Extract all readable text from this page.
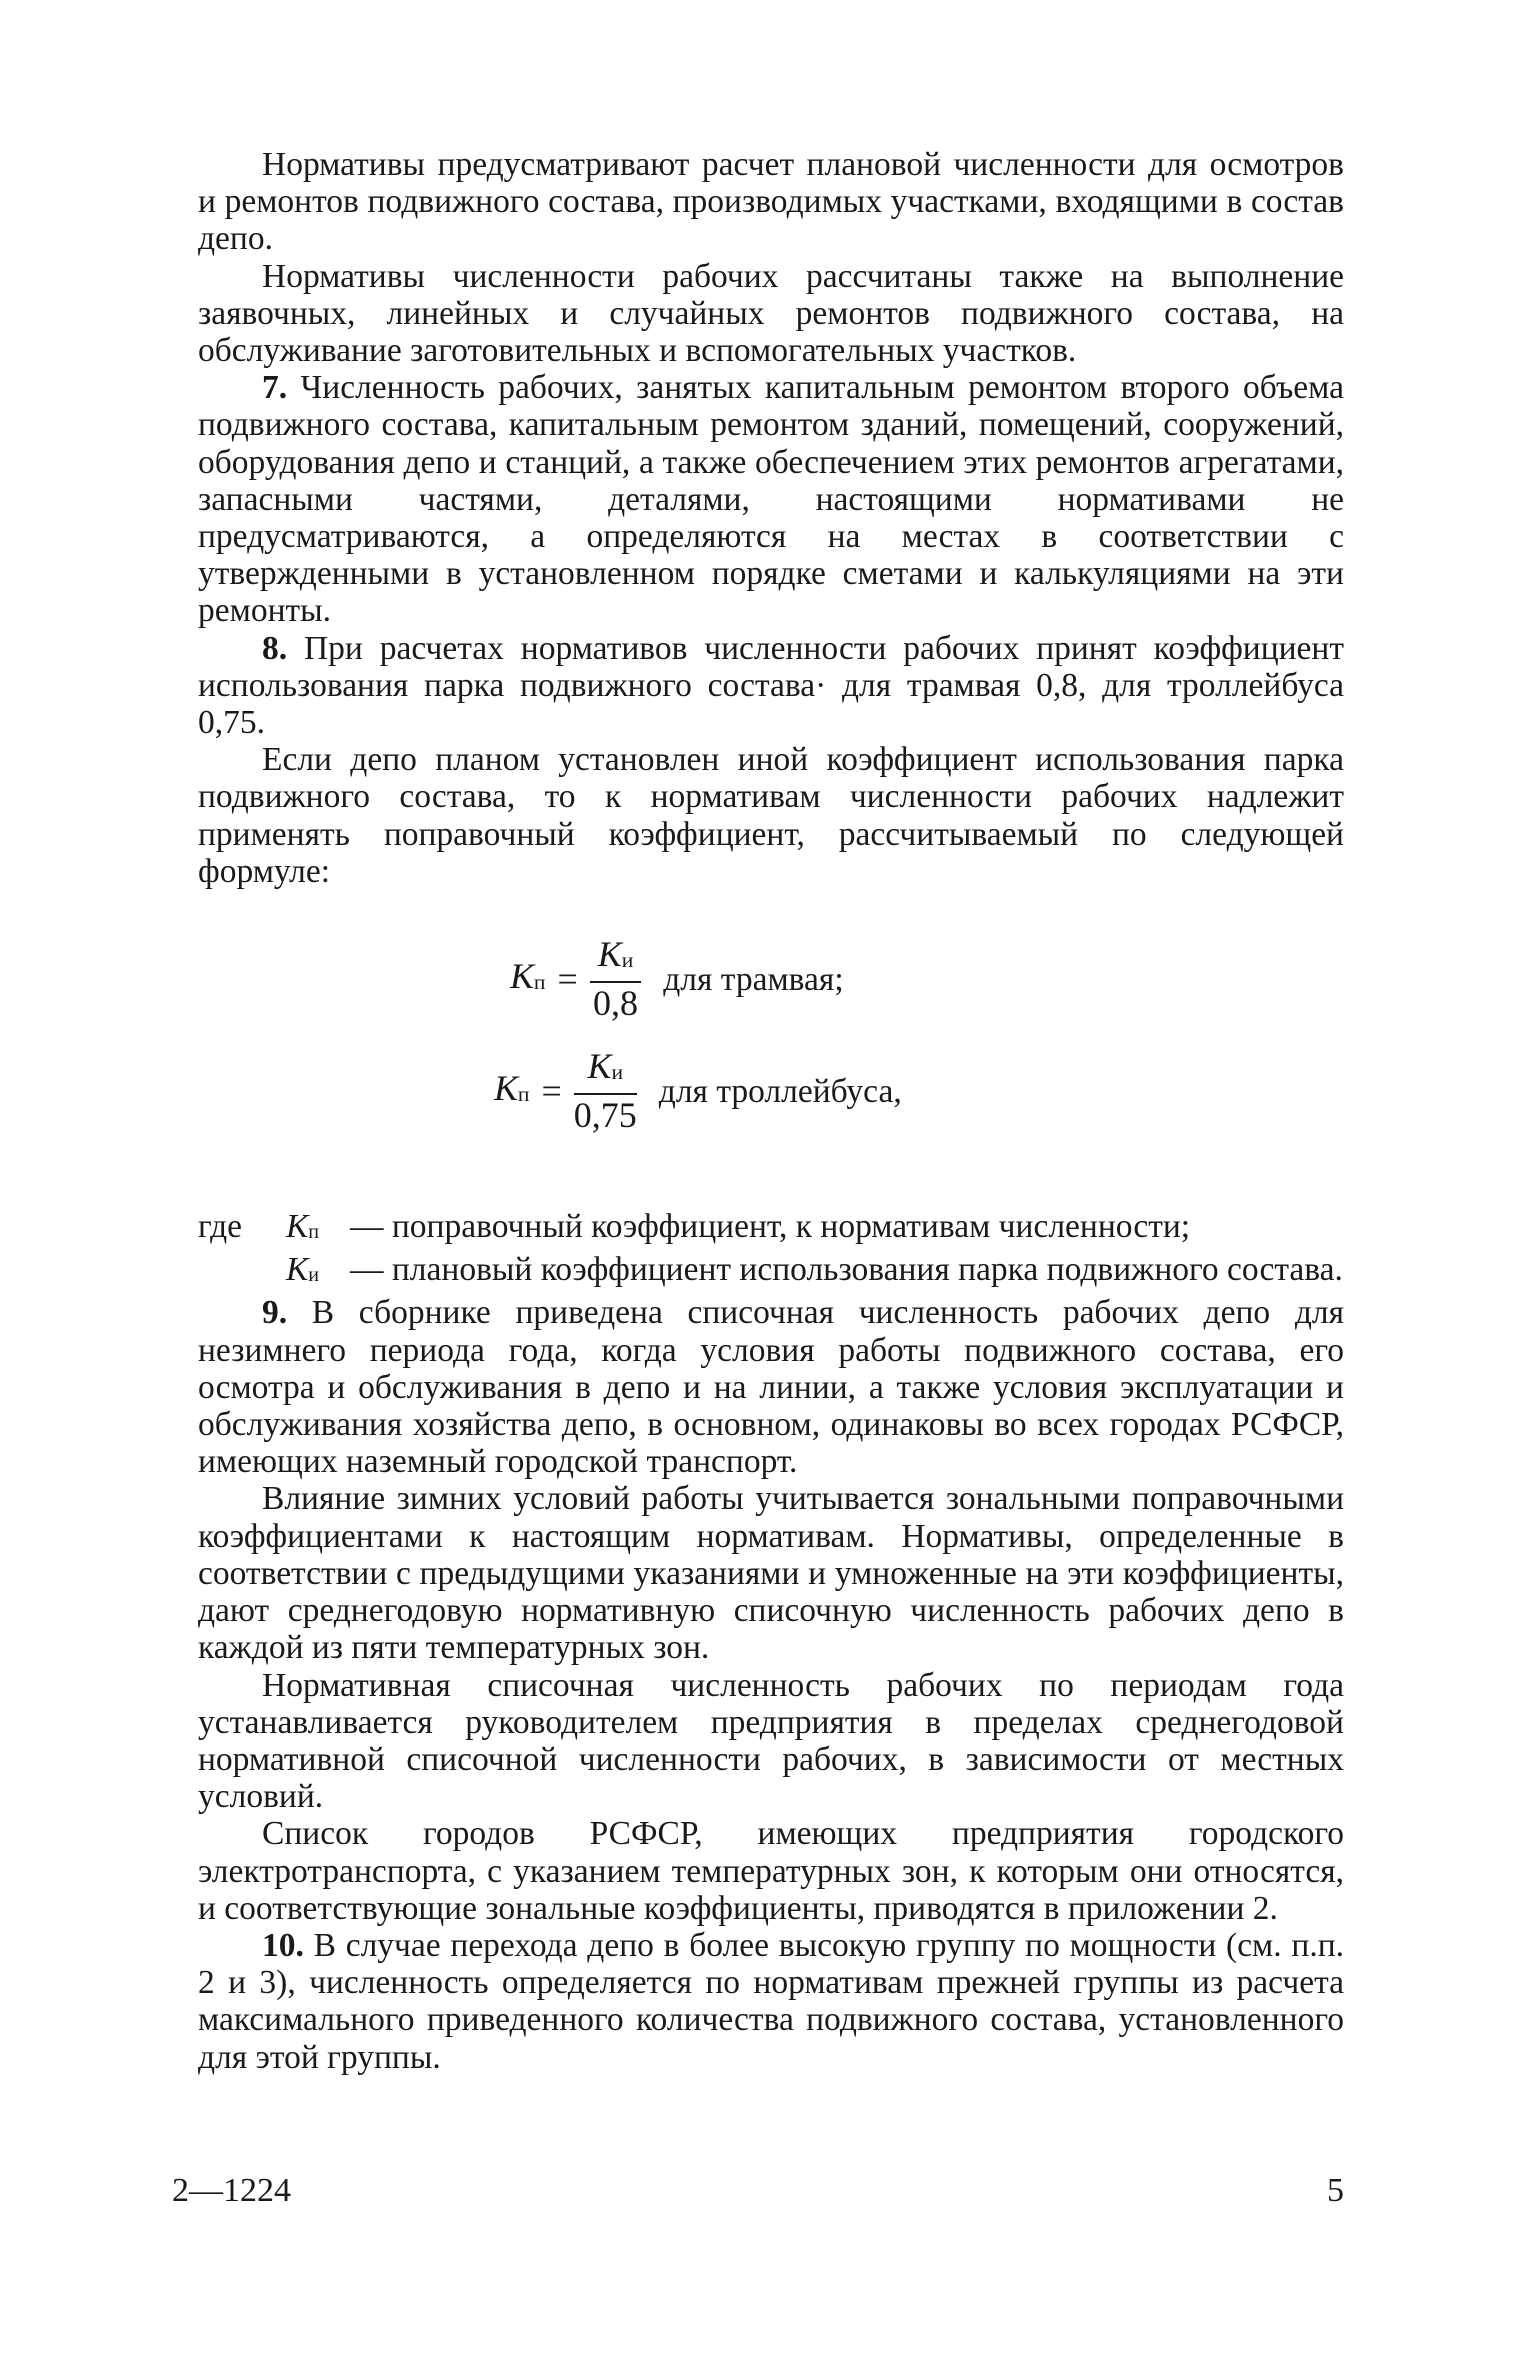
Нормативы предусматривают расчет плановой численности для осмотров и ремонтов подвижного состава, производимых участками, входящими в состав депо.

Нормативы численности рабочих рассчитаны также на выполнение заявочных, линейных и случайных ремонтов подвижного состава, на обслуживание заготовительных и вспомогательных участков.

7. Численность рабочих, занятых капитальным ремонтом второго объема подвижного состава, капитальным ремонтом зданий, помещений, сооружений, оборудования депо и станций, а также обеспечением этих ремонтов агрегатами, запасными частями, деталями, настоящими нормативами не предусматриваются, а определяются на местах в соответствии с утвержденными в установленном порядке сметами и калькуляциями на эти ремонты.

8. При расчетах нормативов численности рабочих принят коэффициент использования парка подвижного состава· для трамвая 0,8, для троллейбуса 0,75.

Если депо планом установлен иной коэффициент использования парка подвижного состава, то к нормативам численности рабочих надлежит применять поправочный коэффициент, рассчитываемый по следующей формуле:

$К_п = \frac{К_и}{0,8}$ для трамвая;
$К_п = \frac{К_и}{0,75}$ для троллейбуса,
где	$К_п$ — поправочный коэффициент, к нормативам численности;
$К_и$ — плановый коэффициент использования парка подвижного состава.

9. В сборнике приведена списочная численность рабочих депо для незимнего периода года, когда условия работы подвижного состава, его осмотра и обслуживания в депо и на линии, а также условия эксплуатации и обслуживания хозяйства депо, в основном, одинаковы во всех городах РСФСР, имеющих наземный городской транспорт.

Влияние зимних условий работы учитывается зональными поправочными коэффициентами к настоящим нормативам. Нормативы, определенные в соответствии с предыдущими указаниями и умноженные на эти коэффициенты, дают среднегодовую нормативную списочную численность рабочих депо в каждой из пяти температурных зон.

Нормативная списочная численность рабочих по периодам года устанавливается руководителем предприятия в пределах среднегодовой нормативной списочной численности рабочих, в зависимости от местных условий.

Список городов РСФСР, имеющих предприятия городского электротранспорта, с указанием температурных зон, к которым они относятся, и соответствующие зональные коэффициенты, приводятся в приложении 2.

10. В случае перехода депо в более высокую группу по мощности (см. п.п. 2 и 3), численность определяется по нормативам прежней группы из расчета максимального приведенного количества подвижного состава, установленного для этой группы.

2—1224	5
